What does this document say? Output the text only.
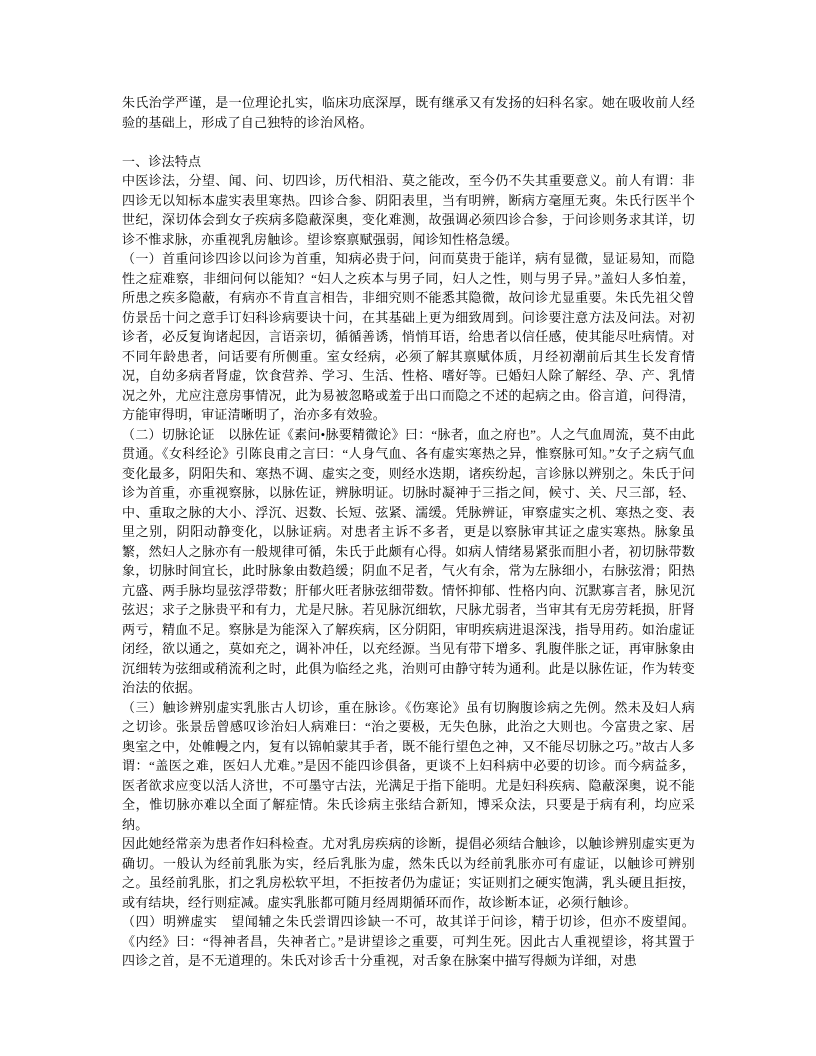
朱氏治学严谨，是一位理论扎实，临床功底深厚，既有继承又有发扬的妇科名家。她在吸收前人经验的基础上，形成了自己独特的诊治风格。

一、诊法特点

中医诊法，分望、闻、问、切四诊，历代相沿、莫之能改，至今仍不失其重要意义。前人有谓：非四诊无以知标本虚实表里寒热。四诊合参、阴阳表里，当有明辨，断病方毫厘无爽。朱氏行医半个世纪，深切体会到女子疾病多隐蔽深奥，变化难测，故强调必须四诊合参，于问诊则务求其详，切诊不惟求脉，亦重视乳房触诊。望诊察禀赋强弱，闻诊知性格急缓。

（一）首重问诊四诊以问诊为首重，知病必贵于问，问而莫贵于能详，病有显微，显证易知，而隐性之症难察，非细问何以能知？“妇人之疾本与男子同，妇人之性，则与男子异。”盖妇人多怕羞，所患之疾多隐蔽，有病亦不肯直言相告，非细究则不能悉其隐微，故问诊尤显重要。朱氏先祖父曾仿景岳十问之意手订妇科诊病要诀十问，在其基础上更为细致周到。问诊要注意方法及问法。对初诊者，必反复询诸起因，言语亲切，循循善诱，悄悄耳语，给患者以信任感，使其能尽吐病情。对不同年龄患者，问话要有所侧重。室女经病，必须了解其禀赋体质，月经初潮前后其生长发育情况，自幼多病者肾虚，饮食营养、学习、生活、性格、嗜好等。已婚妇人除了解经、孕、产、乳情况之外，尤应注意房事情况，此为易被忽略或羞于出口而隐之不述的起病之由。俗言道，问得清，方能审得明，审证清晰明了，治亦多有效验。

（二）切脉论证　以脉佐证《素问•脉要精微论》曰：“脉者，血之府也”。人之气血周流，莫不由此贯通。《女科经论》引陈良甫之言曰：“人身气血、各有虚实寒热之异，惟察脉可知。”女子之病气血变化最多，阴阳失和、寒热不调、虚实之变，则经水迭期，诸疾纷起，言诊脉以辨别之。朱氏于问诊为首重，亦重视察脉，以脉佐证，辨脉明证。切脉时凝神于三指之间，候寸、关、尺三部，轻、中、重取之脉的大小、浮沉、迟数、长短、弦紧、濡缓。凭脉辨证，审察虚实之机、寒热之变、表里之别，阴阳动静变化，以脉证病。对患者主诉不多者，更是以察脉审其证之虚实寒热。脉象虽繁，然妇人之脉亦有一般规律可循，朱氏于此颇有心得。如病人情绪易紧张而胆小者，初切脉带数象，切脉时间宜长，此时脉象由数趋缓；阴血不足者，气火有余，常为左脉细小，右脉弦滑；阳热亢盛、两手脉均显弦浮带数；肝郁火旺者脉弦细带数。情怀抑郁、性格内向、沉默寡言者，脉见沉弦迟；求子之脉贵平和有力，尤是尺脉。若见脉沉细软，尺脉尤弱者，当审其有无房劳耗损，肝肾两亏，精血不足。察脉是为能深入了解疾病，区分阴阳，审明疾病进退深浅，指导用药。如治虚证闭经，欲以通之，莫如充之，调补冲任，以充经源。当见有带下增多、乳腹伴胀之证，再审脉象由沉细转为弦细或稍流利之时，此俱为临经之兆，治则可由静守转为通利。此是以脉佐证，作为转变治法的依据。

（三）触诊辨别虚实乳胀古人切诊，重在脉诊。《伤寒论》虽有切胸腹诊病之先例。然未及妇人病之切诊。张景岳曾感叹诊治妇人病难曰：“治之要极，无失色脉，此治之大则也。今富贵之家、居奥室之中，处帷幔之内，复有以锦帕蒙其手者，既不能行望色之神，又不能尽切脉之巧。”故古人多谓：“盖医之难，医妇人尤难。”是因不能四诊俱备，更谈不上妇科病中必要的切诊。而今病益多，医者欲求应变以活人济世，不可墨守古法，光满足于指下能明。尤是妇科疾病、隐蔽深奥，说不能全，惟切脉亦难以全面了解症情。朱氏诊病主张结合新知，博采众法，只要是于病有利，均应采纳。

因此她经常亲为患者作妇科检查。尤对乳房疾病的诊断，提倡必须结合触诊，以触诊辨别虚实更为确切。一般认为经前乳胀为实，经后乳胀为虚，然朱氏以为经前乳胀亦可有虚证，以触诊可辨别之。虽经前乳胀，扪之乳房松软平坦，不拒按者仍为虚证；实证则扪之硬实饱满，乳头硬且拒按，或有结块，经行则症减。虚实乳胀都可随月经周期循环而作，故诊断本证，必须行触诊。

（四）明辨虚实　望闻辅之朱氏尝谓四诊缺一不可，故其详于问诊，精于切诊，但亦不废望闻。《内经》曰：“得神者昌，失神者亡。”是讲望诊之重要，可判生死。因此古人重视望诊，将其置于四诊之首，是不无道理的。朱氏对诊舌十分重视，对舌象在脉案中描写得颇为详细，对患
